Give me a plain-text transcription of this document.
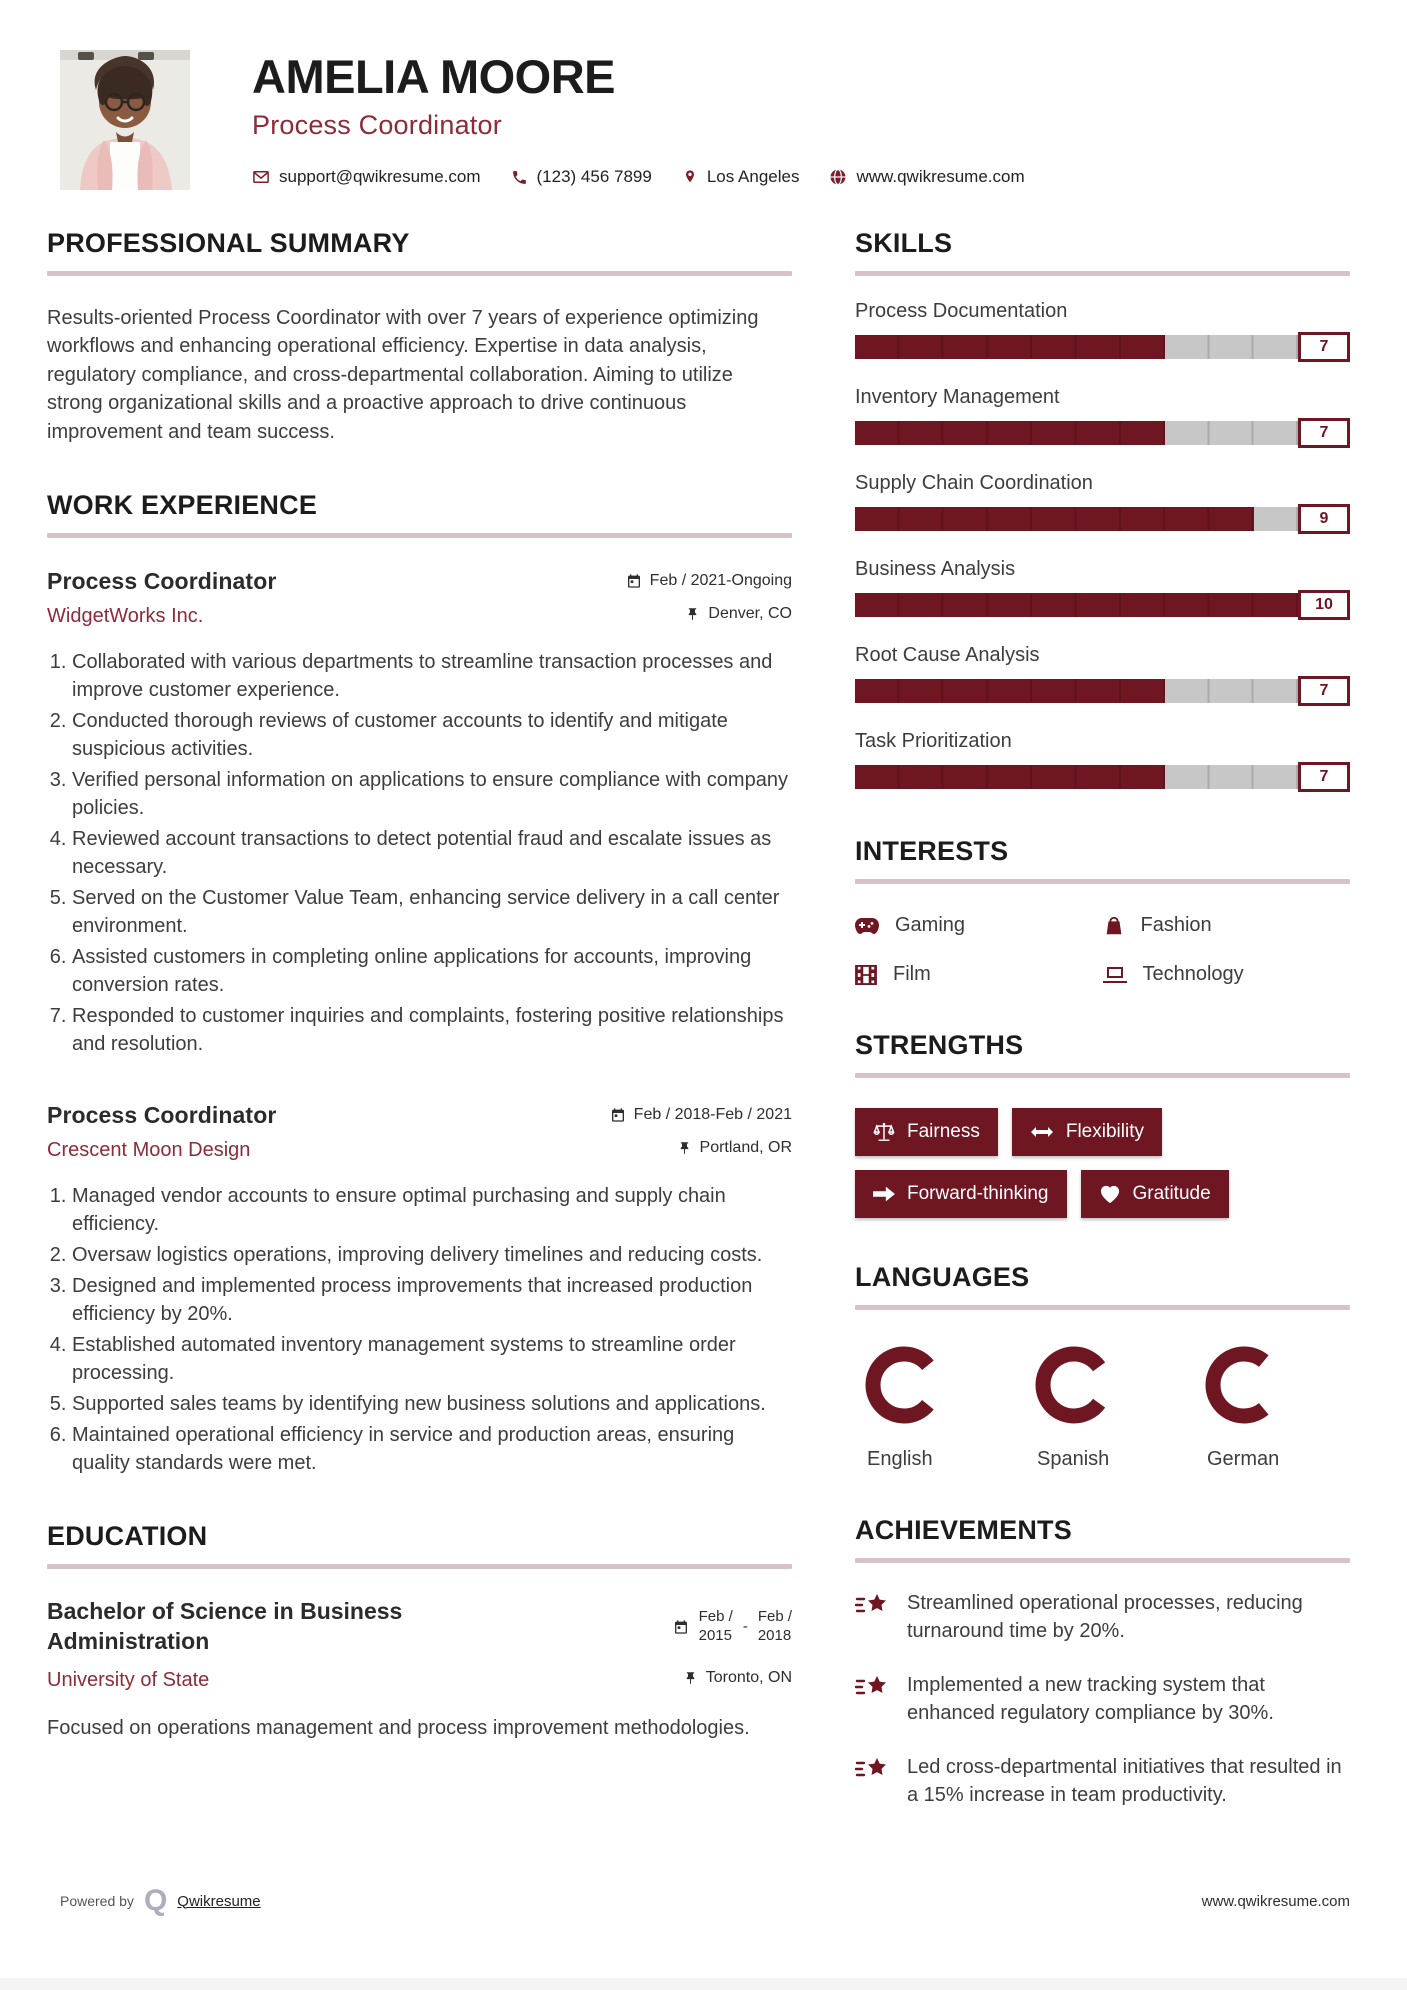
AMELIA MOORE
Process Coordinator
support@qwikresume.com	(123) 456 7899	Los Angeles	www.qwikresume.com
PROFESSIONAL SUMMARY

Results-oriented Process Coordinator with over 7 years of experience optimizing workflows and enhancing operational efficiency. Expertise in data analysis, regulatory compliance, and cross-departmental collaboration. Aiming to utilize strong organizational skills and a proactive approach to drive continuous improvement and team success.

WORK EXPERIENCE
Process Coordinator	Feb / 2021-Ongoing
WidgetWorks Inc.	Denver, CO
1. Collaborated with various departments to streamline transaction processes and improve customer experience.
2. Conducted thorough reviews of customer accounts to identify and mitigate suspicious activities.
3. Verified personal information on applications to ensure compliance with company policies.
4. Reviewed account transactions to detect potential fraud and escalate issues as necessary.
5. Served on the Customer Value Team, enhancing service delivery in a call center environment.
6. Assisted customers in completing online applications for accounts, improving conversion rates.
7. Responded to customer inquiries and complaints, fostering positive relationships and resolution.
Process Coordinator	Feb / 2018-Feb / 2021
Crescent Moon Design	Portland, OR
1. Managed vendor accounts to ensure optimal purchasing and supply chain efficiency.
2. Oversaw logistics operations, improving delivery timelines and reducing costs.
3. Designed and implemented process improvements that increased production efficiency by 20%.
4. Established automated inventory management systems to streamline order processing.
5. Supported sales teams by identifying new business solutions and applications.
6. Maintained operational efficiency in service and production areas, ensuring quality standards were met.
EDUCATION
Bachelor of Science in Business Administration
Feb /
2015 -
Feb /
2018
University of State	Toronto, ON

Focused on operations management and process improvement methodologies.

SKILLS
Process Documentation
7
Inventory Management
7
Supply Chain Coordination
9
Business Analysis
10
Root Cause Analysis
7
Task Prioritization
7
INTERESTS
Gaming	Fashion
Film	Technology
STRENGTHS
Fairness	Flexibility
Forward-thinking	Gratitude
LANGUAGES
English	Spanish	German
ACHIEVEMENTS
Streamlined operational processes, reducing turnaround time by 20%.
Implemented a new tracking system that enhanced regulatory compliance by 30%.
Led cross-departmental initiatives that resulted in a 15% increase in team productivity.
Powered by Q Qwikresume	www.qwikresume.com
